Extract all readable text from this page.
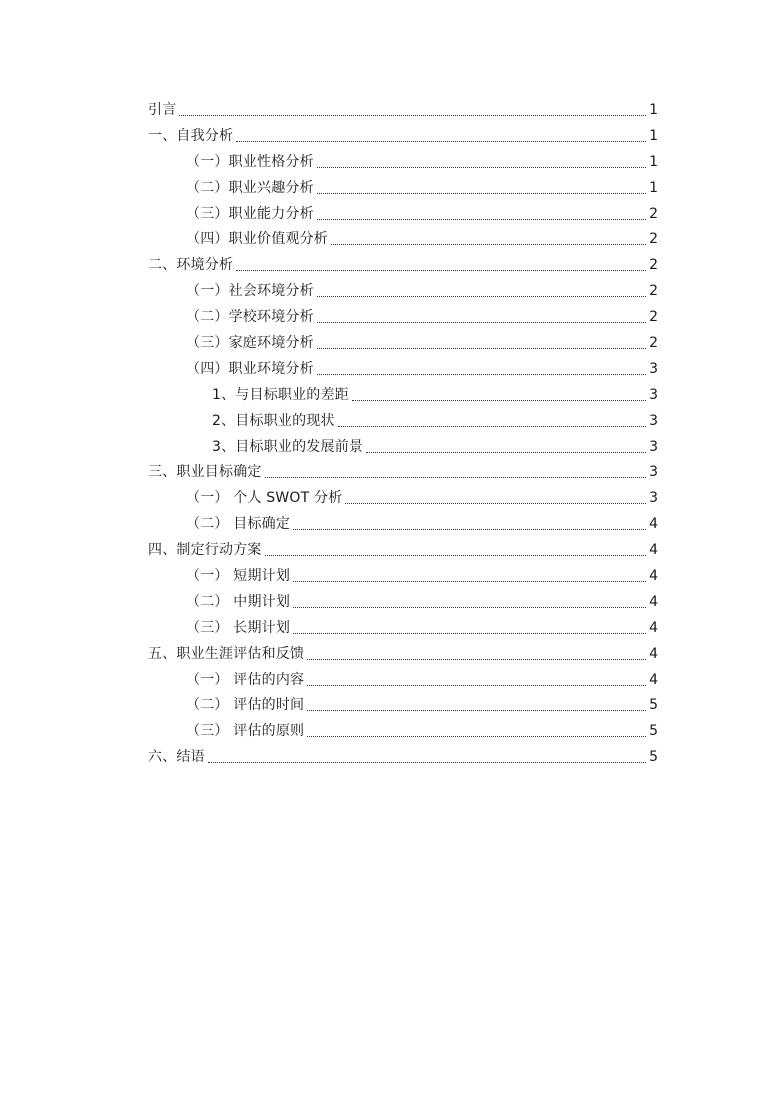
引言	1
一、自我分析	1
（一）职业性格分析	1
（二）职业兴趣分析	1
（三）职业能力分析	2
（四）职业价值观分析	2
二、环境分析	2
（一）社会环境分析	2
（二）学校环境分析	2
（三）家庭环境分析	2
（四）职业环境分析	3
1、与目标职业的差距	3
2、目标职业的现状	3
3、目标职业的发展前景	3
三、职业目标确定	3
（一） 个人 SWOT 分析	3
（二） 目标确定	4
四、制定行动方案	4
（一） 短期计划	4
（二） 中期计划	4
（三） 长期计划	4
五、职业生涯评估和反馈	4
（一） 评估的内容	4
（二） 评估的时间	5
（三） 评估的原则	5
六、结语	5
